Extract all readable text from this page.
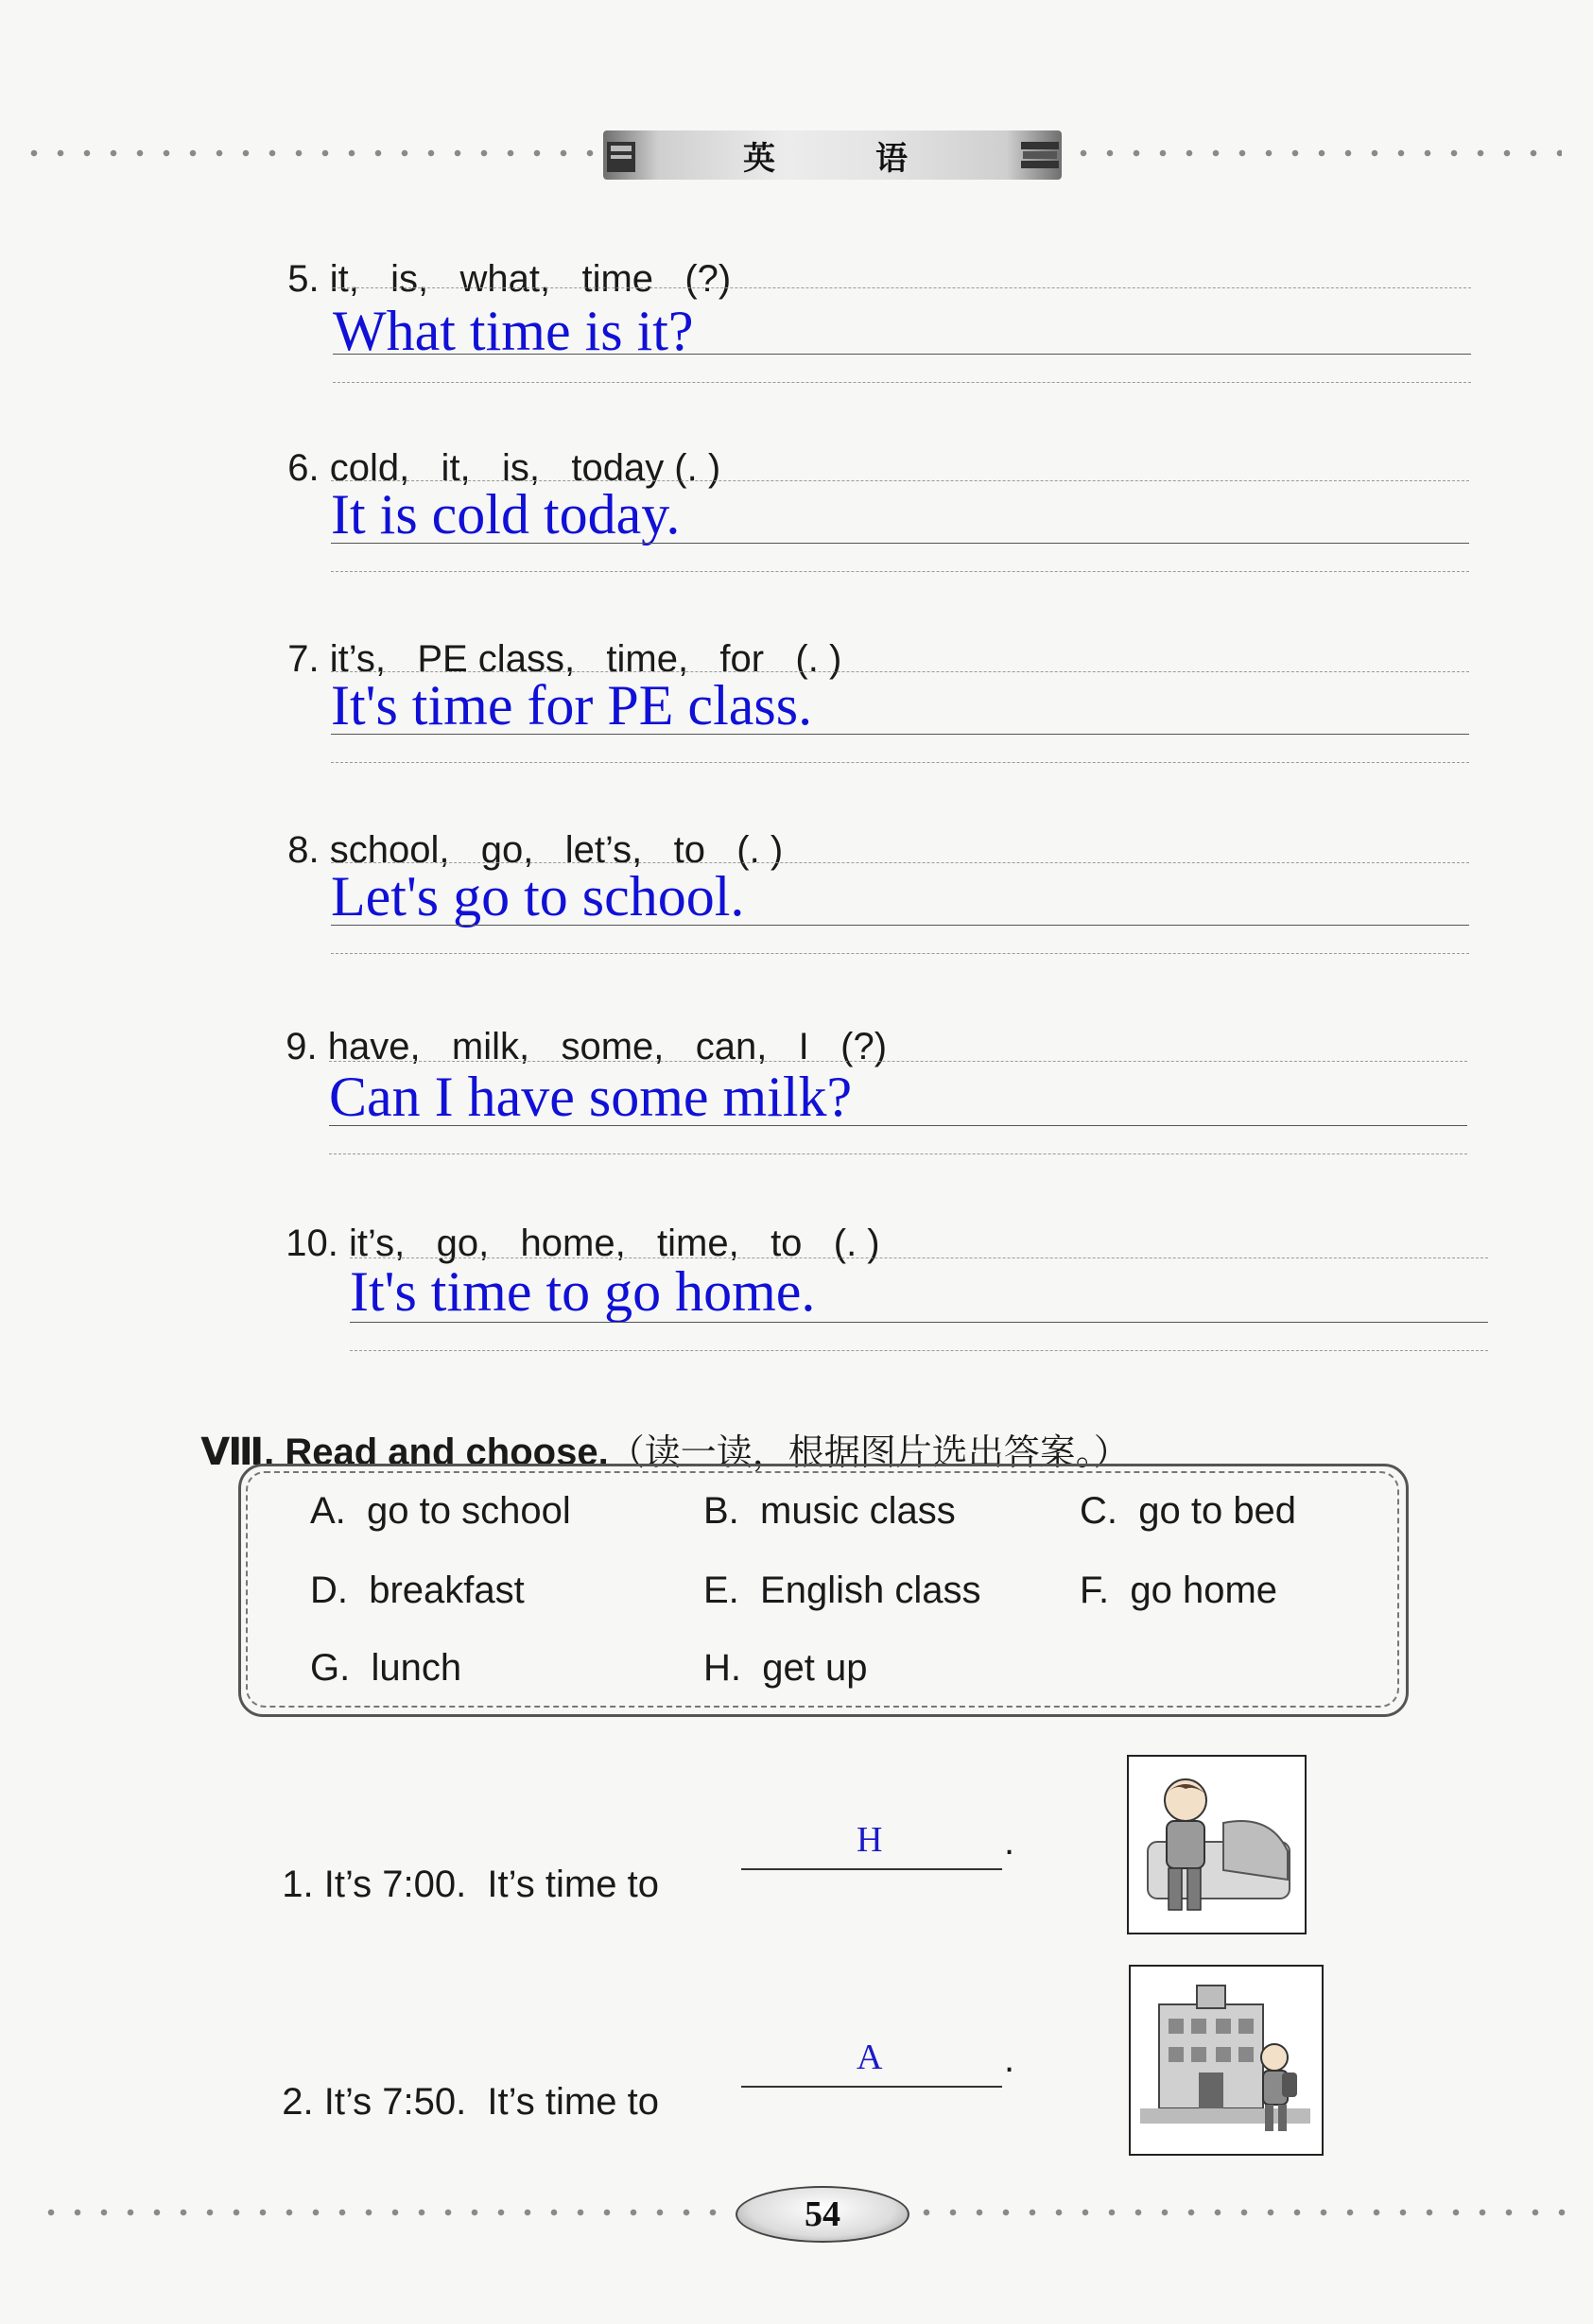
英	语

5. it,   is,   what,   time   (?)

What time is it?

6. cold,   it,   is,   today (. )

It is cold today.

7. it’s,   PE class,   time,   for   (. )

It's time for PE class.

8. school,   go,   let’s,   to   (. )

Let's go to school.

9. have,   milk,   some,   can,   I   (?)

Can I have some milk?

10. it’s,   go,   home,   time,   to   (. )

It's time to go home.

Ⅷ. Read and choose.（读一读，根据图片选出答案。）

A. go to school	B. music class	C. go to bed
D. breakfast	E. English class	F. go home
G. lunch	H. get up

1. It’s 7:00.  It’s time to

H	.

2. It’s 7:50.  It’s time to

A	.
54
